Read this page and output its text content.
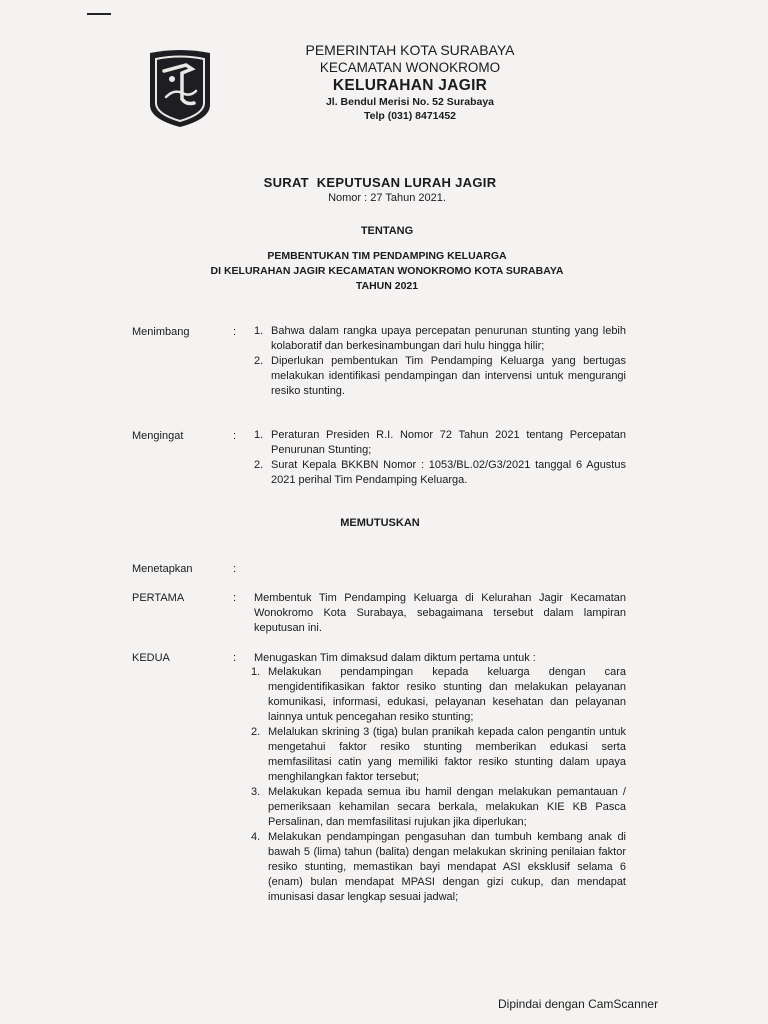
PEMERINTAH KOTA SURABAYA
KECAMATAN WONOKROMO
KELURAHAN JAGIR
Jl. Bendul Merisi No. 52 Surabaya
Telp (031) 8471452
SURAT  KEPUTUSAN LURAH JAGIR
Nomor : 27 Tahun 2021.
TENTANG
PEMBENTUKAN TIM PENDAMPING KELUARGA
DI KELURAHAN JAGIR KECAMATAN WONOKROMO KOTA SURABAYA
TAHUN 2021
Menimbang	: 1. Bahwa dalam rangka upaya percepatan penurunan stunting yang lebih kolaboratif dan berkesinambungan dari hulu hingga hilir;
2. Diperlukan pembentukan Tim Pendamping Keluarga yang bertugas melakukan identifikasi pendampingan dan intervensi untuk mengurangi resiko stunting.
Mengingat	: 1. Peraturan Presiden R.I. Nomor 72 Tahun 2021 tentang Percepatan Penurunan Stunting;
2. Surat Kepala BKKBN Nomor : 1053/BL.02/G3/2021 tanggal 6 Agustus 2021 perihal Tim Pendamping Keluarga.
MEMUTUSKAN
Menetapkan	:
PERTAMA	: Membentuk Tim Pendamping Keluarga di Kelurahan Jagir Kecamatan Wonokromo Kota Surabaya, sebagaimana tersebut dalam lampiran keputusan ini.
KEDUA	: Menugaskan Tim dimaksud dalam diktum pertama untuk :
1. Melakukan pendampingan kepada keluarga dengan cara mengidentifikasikan faktor resiko stunting dan melakukan pelayanan komunikasi, informasi, edukasi, pelayanan kesehatan dan pelayanan lainnya untuk pencegahan resiko stunting;
2. Melalukan skrining 3 (tiga) bulan pranikah kepada calon pengantin untuk mengetahui faktor resiko stunting memberikan edukasi serta memfasilitasi catin yang memiliki faktor resiko stunting dalam upaya menghilangkan faktor tersebut;
3. Melakukan kepada semua ibu hamil dengan melakukan pemantauan / pemeriksaan kehamilan secara berkala, melakukan KIE KB Pasca Persalinan, dan memfasilitasi rujukan jika diperlukan;
4. Melakukan pendampingan pengasuhan dan tumbuh kembang anak di bawah 5 (lima) tahun (balita) dengan melakukan skrining penilaian faktor resiko stunting, memastikan bayi mendapat ASI eksklusif selama 6 (enam) bulan mendapat MPASI dengan gizi cukup, dan mendapat imunisasi dasar lengkap sesuai jadwal;
Dipindai dengan CamScanner
